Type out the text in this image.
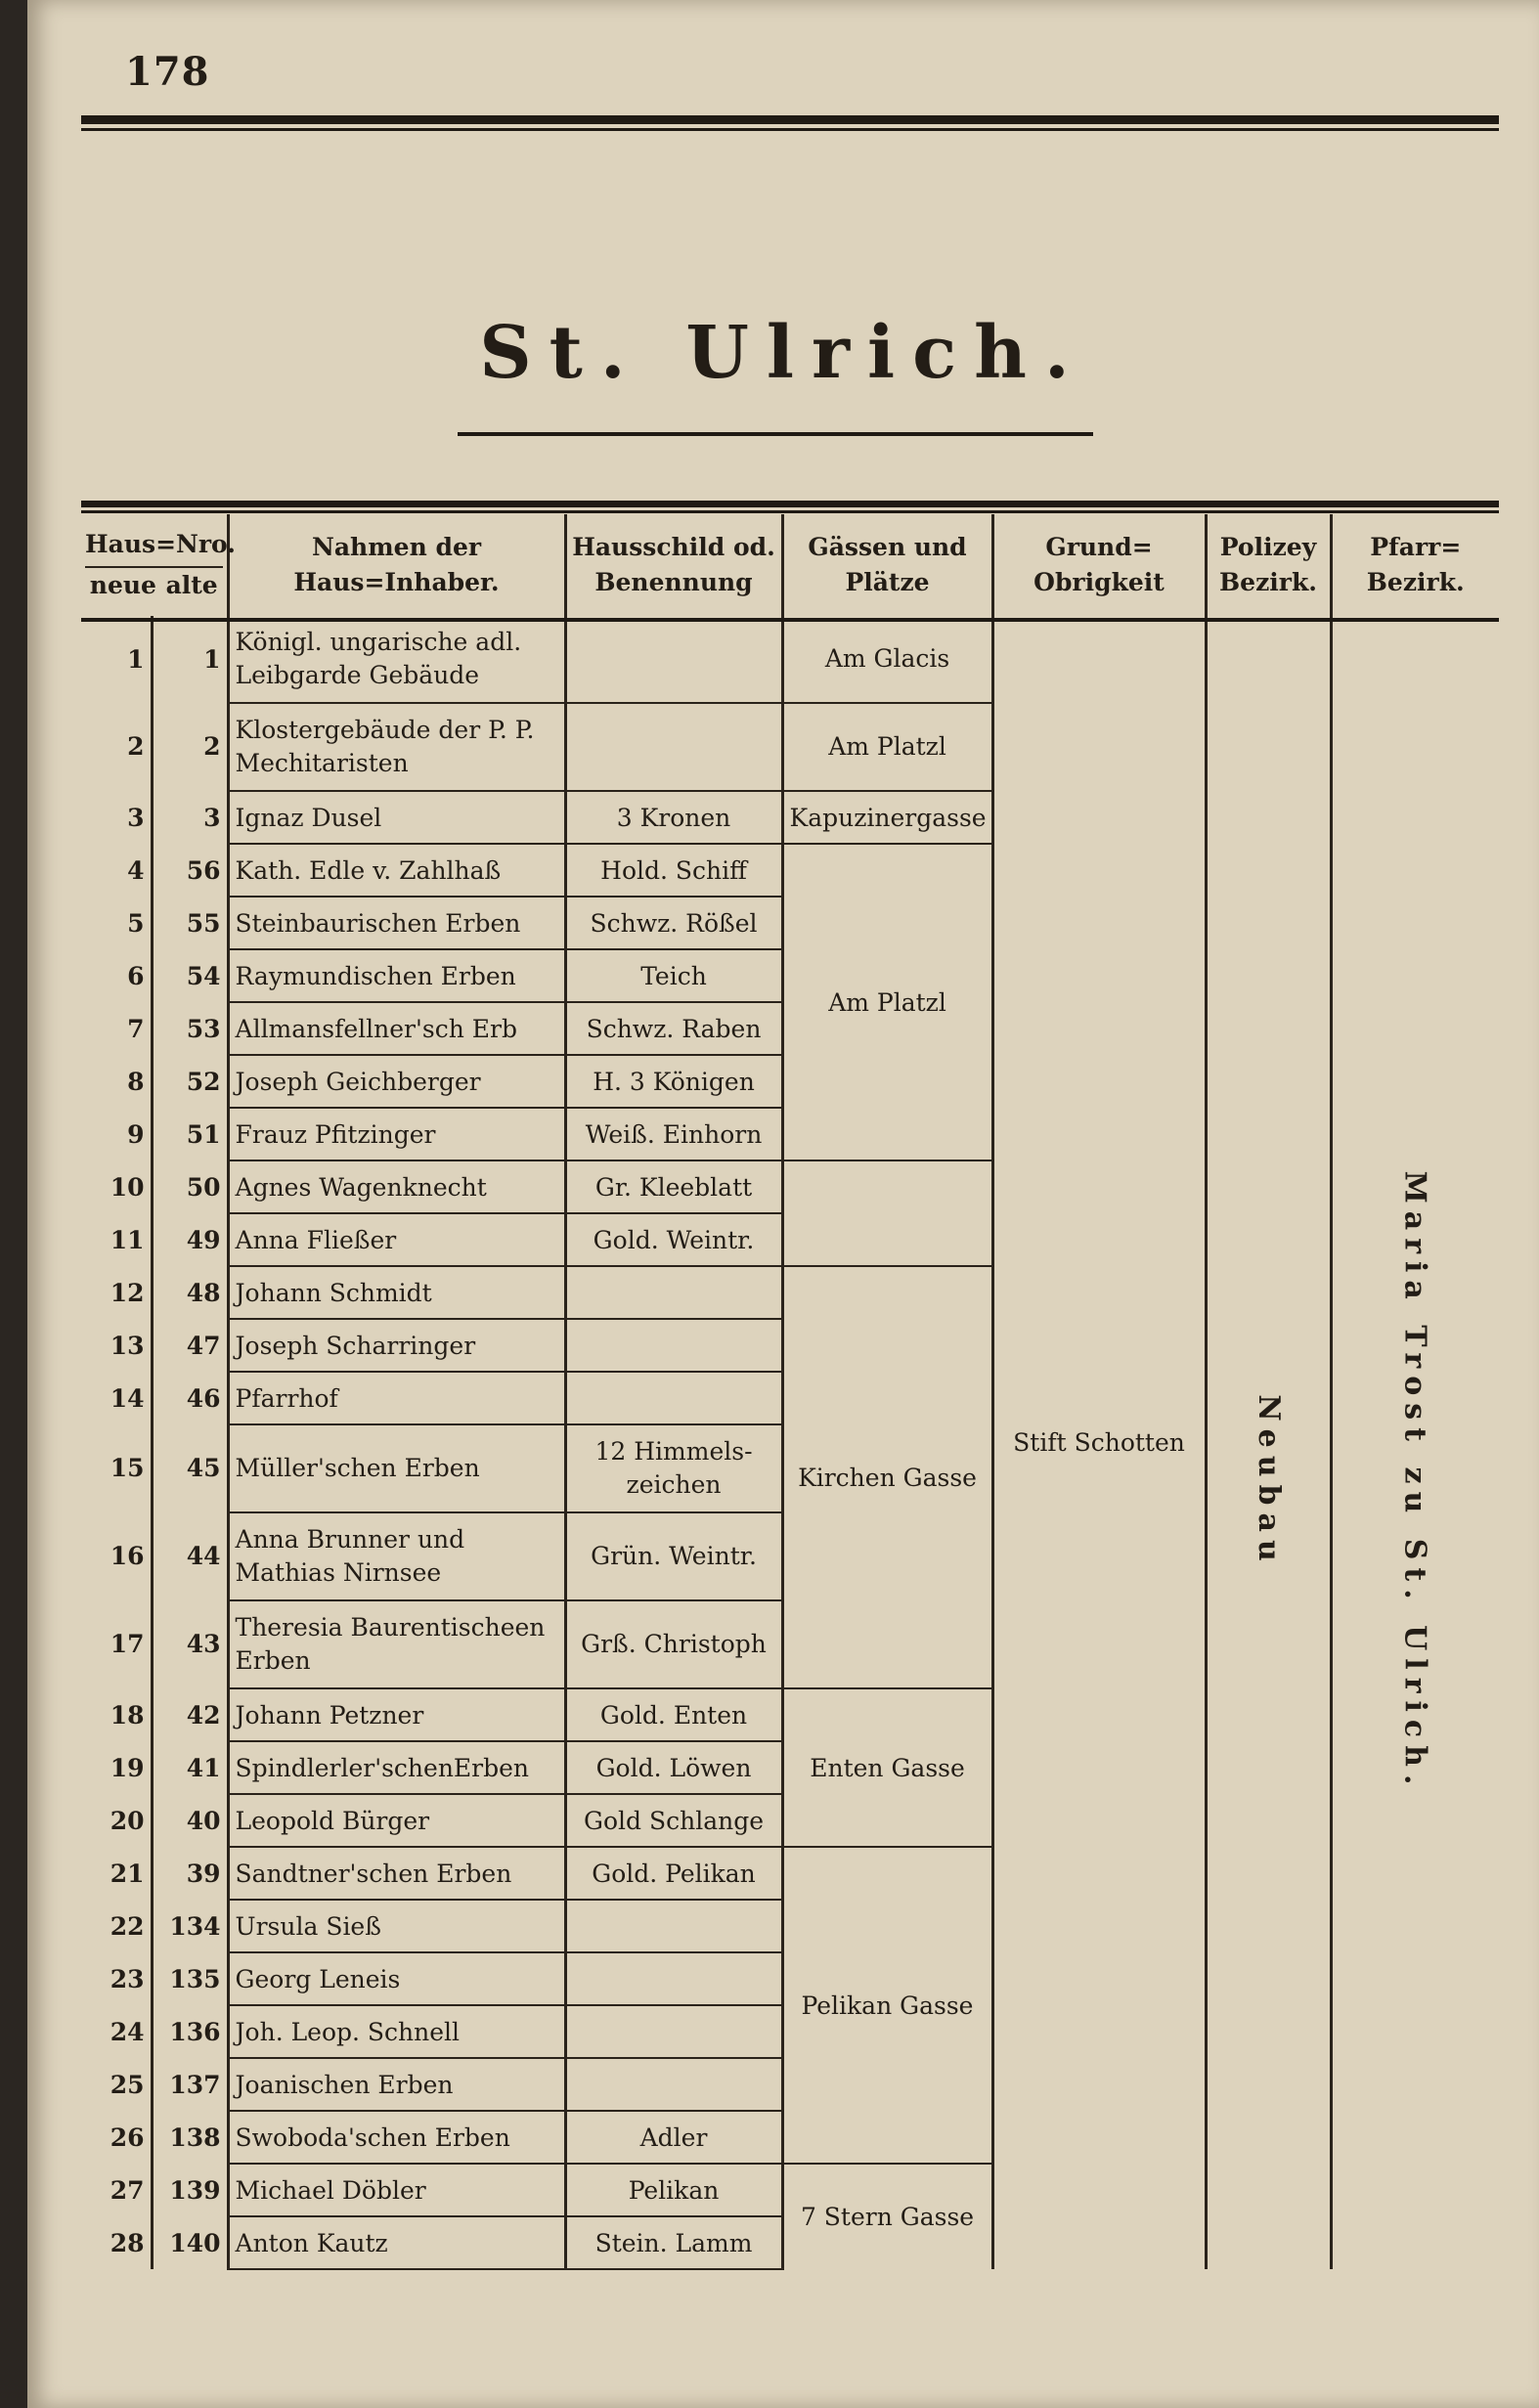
178
St. Ulrich.
Haus=Nro.
neue alte		Nahmen der Haus=Inhaber.	Hausschild od. Benennung	Gässen und Plätze	Grund= Obrigkeit	Polizey Bezirk.	Pfarr= Bezirk.
1	1	Königl. ungarische adl. Leibgarde Gebäude		Am Glacis	Stift Schotten		
2	2	Klostergebäude der P. P. Mechitaristen		Am Platzl			
3	3	Ignaz Dusel	3 Kronen	Kapuzinergasse			
4	56	Kath. Edle v. Zahlhaß	Hold. Schiff	Am Platzl			
5	55	Steinbaurischen Erben	Schwz. Rößel				
6	54	Raymundischen Erben	Teich				
7	53	Allmansfellner'sch Erb	Schwz. Raben				
8	52	Joseph Geichberger	H. 3 Königen				
9	51	Frauz Pfitzinger	Weiß. Einhorn				
10	50	Agnes Wagenknecht	Gr. Kleeblatt				
11	49	Anna Fließer	Gold. Weintr.				
12	48	Johann Schmidt		Kirchen Gasse			
13	47	Joseph Scharringer					
14	46	Pfarrhof					
15	45	Müller'schen Erben	12 Himmels- zeichen				
16	44	Anna Brunner und Mathias Nirnsee	Grün. Weintr.				
17	43	Theresia Baurentischeen Erben	Grß. Christoph				
18	42	Johann Petzner	Gold. Enten	Enten Gasse			
19	41	Spindlerler'schenErben	Gold. Löwen				
20	40	Leopold Bürger	Gold Schlange				
21	39	Sandtner'schen Erben	Gold. Pelikan	Pelikan Gasse			
22	134	Ursula Sieß					
23	135	Georg Leneis					
24	136	Joh. Leop. Schnell					
25	137	Joanischen Erben					
26	138	Swoboda'schen Erben	Adler				
27	139	Michael Döbler	Pelikan	7 Stern Gasse			
28	140	Anton Kautz	Stein. Lamm				
Neubau	Maria Trost zu St. Ulrich.
